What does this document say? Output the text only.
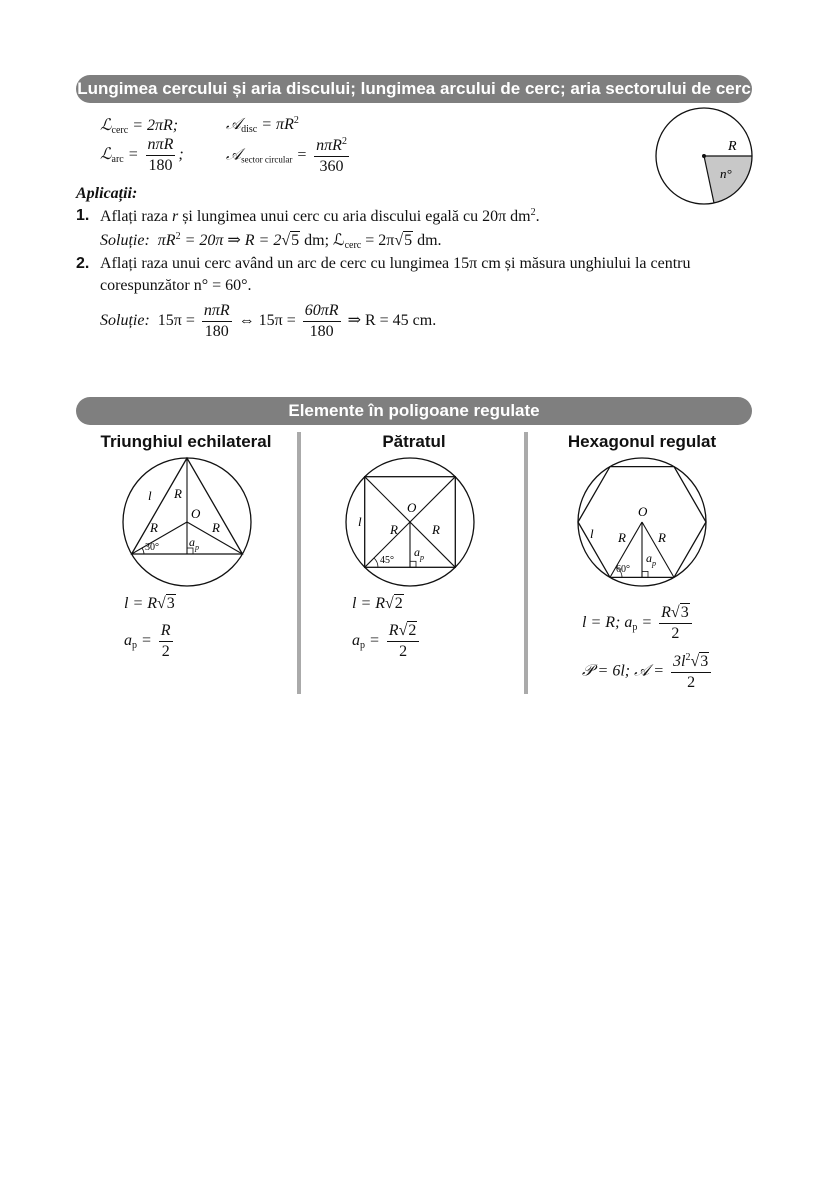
Lungimea cercului și aria discului; lungimea arcului de cerc; aria sectorului de cerc
ℒ$_{cerc}$ = 2πR;	𝒜$_{disc}$ = $\pi R^2$
ℒ$_{arc}$ = $\frac{\text{nπR}}{180}$ ;	𝒜$_{sector circular}$ = $\frac{n\pi R^2}{360}$	R
n°
Aplicații:
1. Aflați raza r și lungimea unui cerc cu aria discului egală cu 20π $dm^2$.
Soluție: $\pi R^2 = 20\pi$ ⇒ R = 2√5 dm; ℒ$_{cerc}$ = 2π√5 dm.
2. Aflați raza unui cerc având un arc de cerc cu lungimea 15π cm și măsura unghiului la centru
corespunzător n° = 60°.
Soluție: $15\pi = \frac{\text{nπR}}{180}$ ⇔ $15\pi = \frac{60\pi R}{180}$ ⇒ R = 45 cm.
Elemente în poligoane regulate
Triunghiul echilateral
l R
O
R	R
30°	$a_p$
l = R√3
$a_p = \frac{R}{2}$
Pătratul
l
O
R	R
45°
$a_p$
l = R√2
$a_p = \frac{R√2}{2}$
Hexagonul regulat
O
l R R
60°
$a_p$
l = R; $a_p = \frac{R√3}{2}$
𝒫 = 6l; 𝒜 = $\frac{3l^2√3}{2}$
